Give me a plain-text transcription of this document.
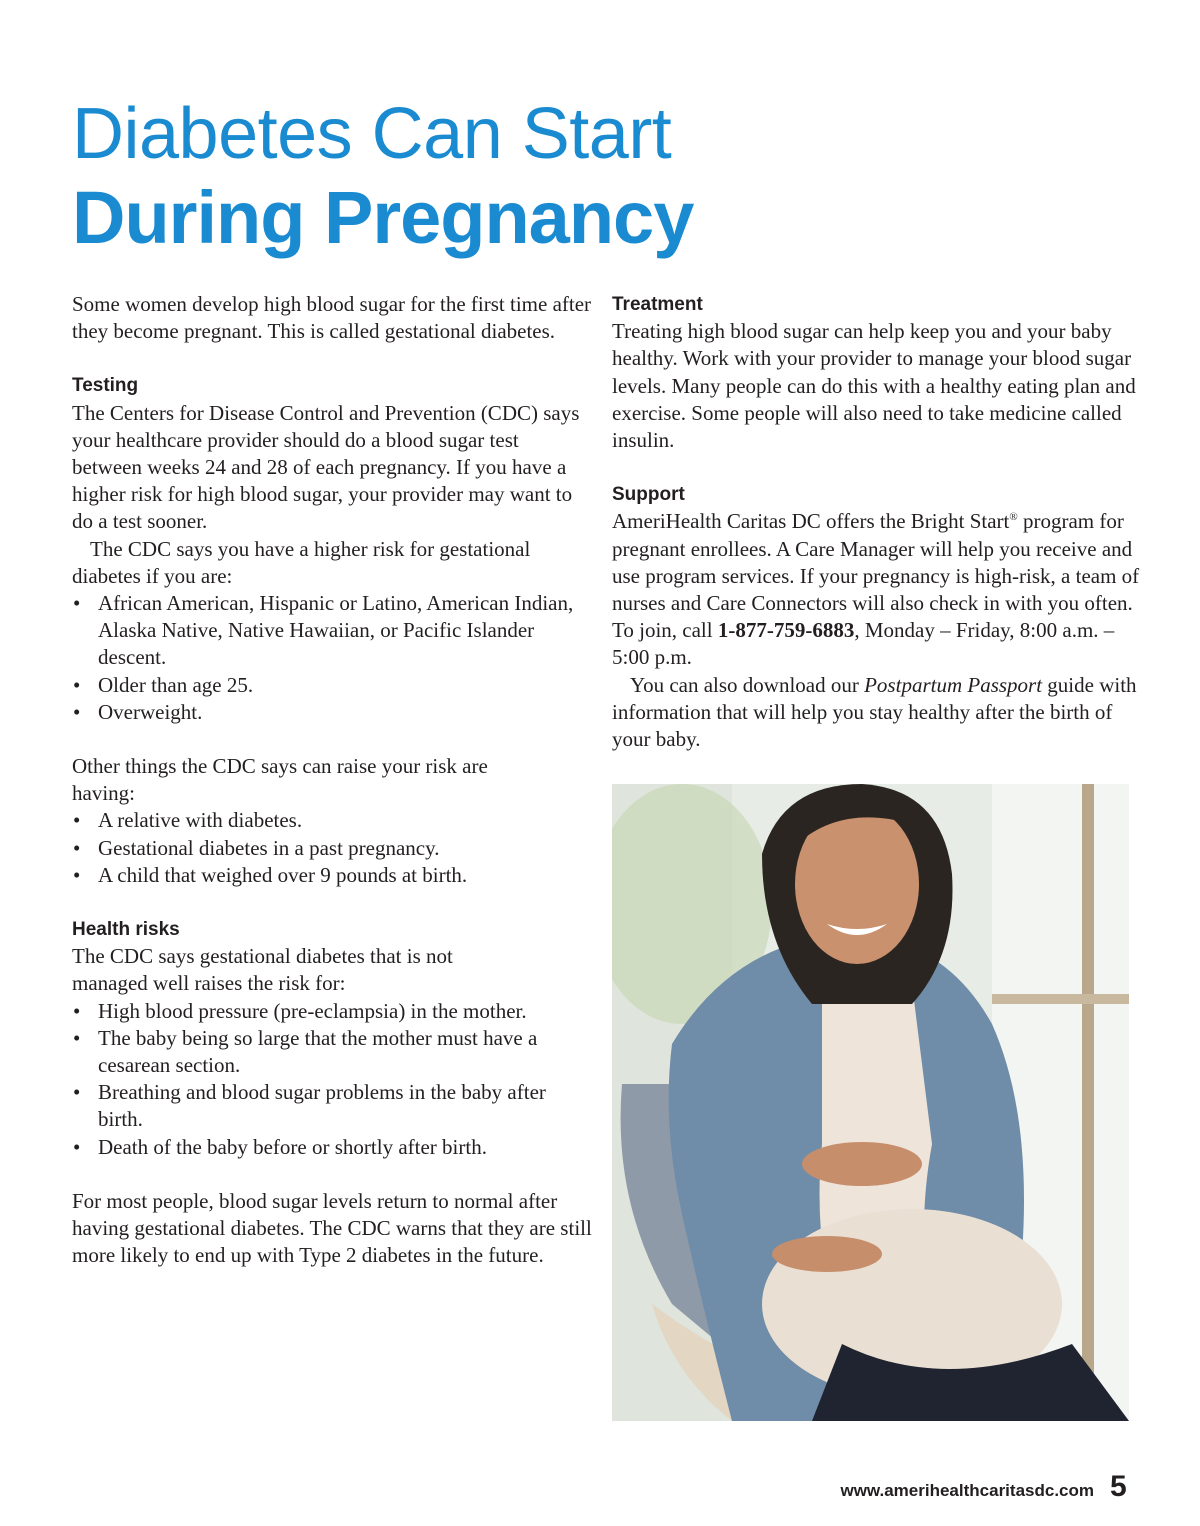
Diabetes Can Start
During Pregnancy

Some women develop high blood sugar for the first time after they become pregnant. This is called gestational diabetes.

Testing

The Centers for Disease Control and Prevention (CDC) says your healthcare provider should do a blood sugar test between weeks 24 and 28 of each pregnancy. If you have a higher risk for high blood sugar, your provider may want to do a test sooner.

The CDC says you have a higher risk for gestational diabetes if you are:

• African American, Hispanic or Latino, American Indian, Alaska Native, Native Hawaiian, or Pacific Islander descent.
• Older than age 25.
• Overweight.

Other things the CDC says can raise your risk are having:

• A relative with diabetes.
• Gestational diabetes in a past pregnancy.
• A child that weighed over 9 pounds at birth.

Health risks

The CDC says gestational diabetes that is not managed well raises the risk for:

• High blood pressure (pre-eclampsia) in the mother.
• The baby being so large that the mother must have a cesarean section.
• Breathing and blood sugar problems in the baby after birth.
• Death of the baby before or shortly after birth.

For most people, blood sugar levels return to normal after having gestational diabetes. The CDC warns that they are still more likely to end up with Type 2 diabetes in the future.

Treatment

Treating high blood sugar can help keep you and your baby healthy. Work with your provider to manage your blood sugar levels. Many people can do this with a healthy eating plan and exercise. Some people will also need to take medicine called insulin.

Support

AmeriHealth Caritas DC offers the Bright Start® program for pregnant enrollees. A Care Manager will help you receive and use program services. If your pregnancy is high-risk, a team of nurses and Care Connectors will also check in with you often. To join, call 1-877-759-6883, Monday – Friday, 8:00 a.m. – 5:00 p.m.

You can also download our Postpartum Passport guide with information that will help you stay healthy after the birth of your baby.

www.amerihealthcaritasdc.com 5
